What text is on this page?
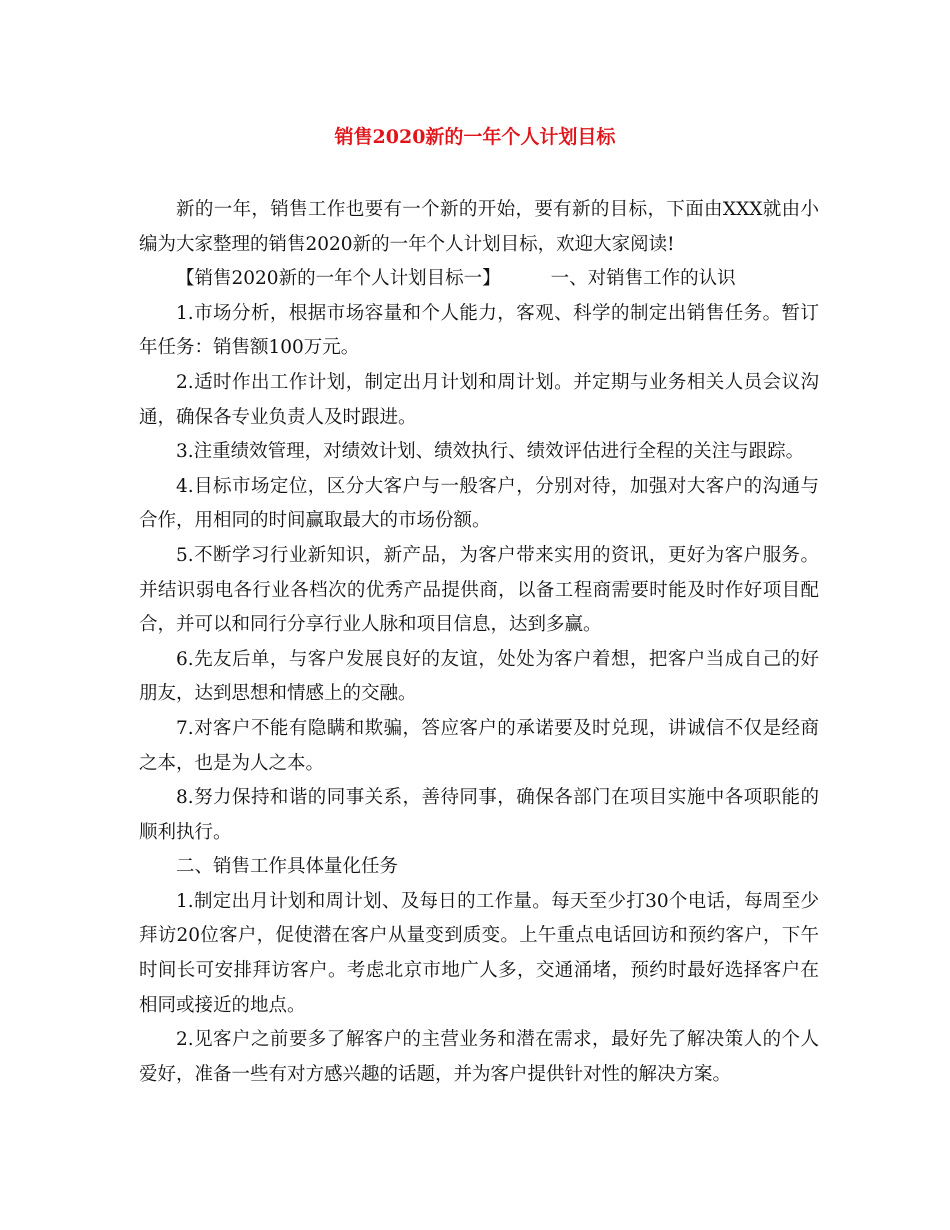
销售2020新的一年个人计划目标

新的一年，销售工作也要有一个新的开始，要有新的目标，下面由XXX就由小编为大家整理的销售2020新的一年个人计划目标，欢迎大家阅读!

【销售2020新的一年个人计划目标一】	一、对销售工作的认识

1.市场分析，根据市场容量和个人能力，客观、科学的制定出销售任务。暂订年任务：销售额100万元。

2.适时作出工作计划，制定出月计划和周计划。并定期与业务相关人员会议沟通，确保各专业负责人及时跟进。

3.注重绩效管理，对绩效计划、绩效执行、绩效评估进行全程的关注与跟踪。

4.目标市场定位，区分大客户与一般客户，分别对待，加强对大客户的沟通与合作，用相同的时间赢取最大的市场份额。

5.不断学习行业新知识，新产品，为客户带来实用的资讯，更好为客户服务。并结识弱电各行业各档次的优秀产品提供商，以备工程商需要时能及时作好项目配合，并可以和同行分享行业人脉和项目信息，达到多赢。

6.先友后单，与客户发展良好的友谊，处处为客户着想，把客户当成自己的好朋友，达到思想和情感上的交融。

7.对客户不能有隐瞒和欺骗，答应客户的承诺要及时兑现，讲诚信不仅是经商之本，也是为人之本。

8.努力保持和谐的同事关系，善待同事，确保各部门在项目实施中各项职能的顺利执行。

二、销售工作具体量化任务

1.制定出月计划和周计划、及每日的工作量。每天至少打30个电话，每周至少拜访20位客户，促使潜在客户从量变到质变。上午重点电话回访和预约客户，下午时间长可安排拜访客户。考虑北京市地广人多，交通涌堵，预约时最好选择客户在相同或接近的地点。

2.见客户之前要多了解客户的主营业务和潜在需求，最好先了解决策人的个人爱好，准备一些有对方感兴趣的话题，并为客户提供针对性的解决方案。
